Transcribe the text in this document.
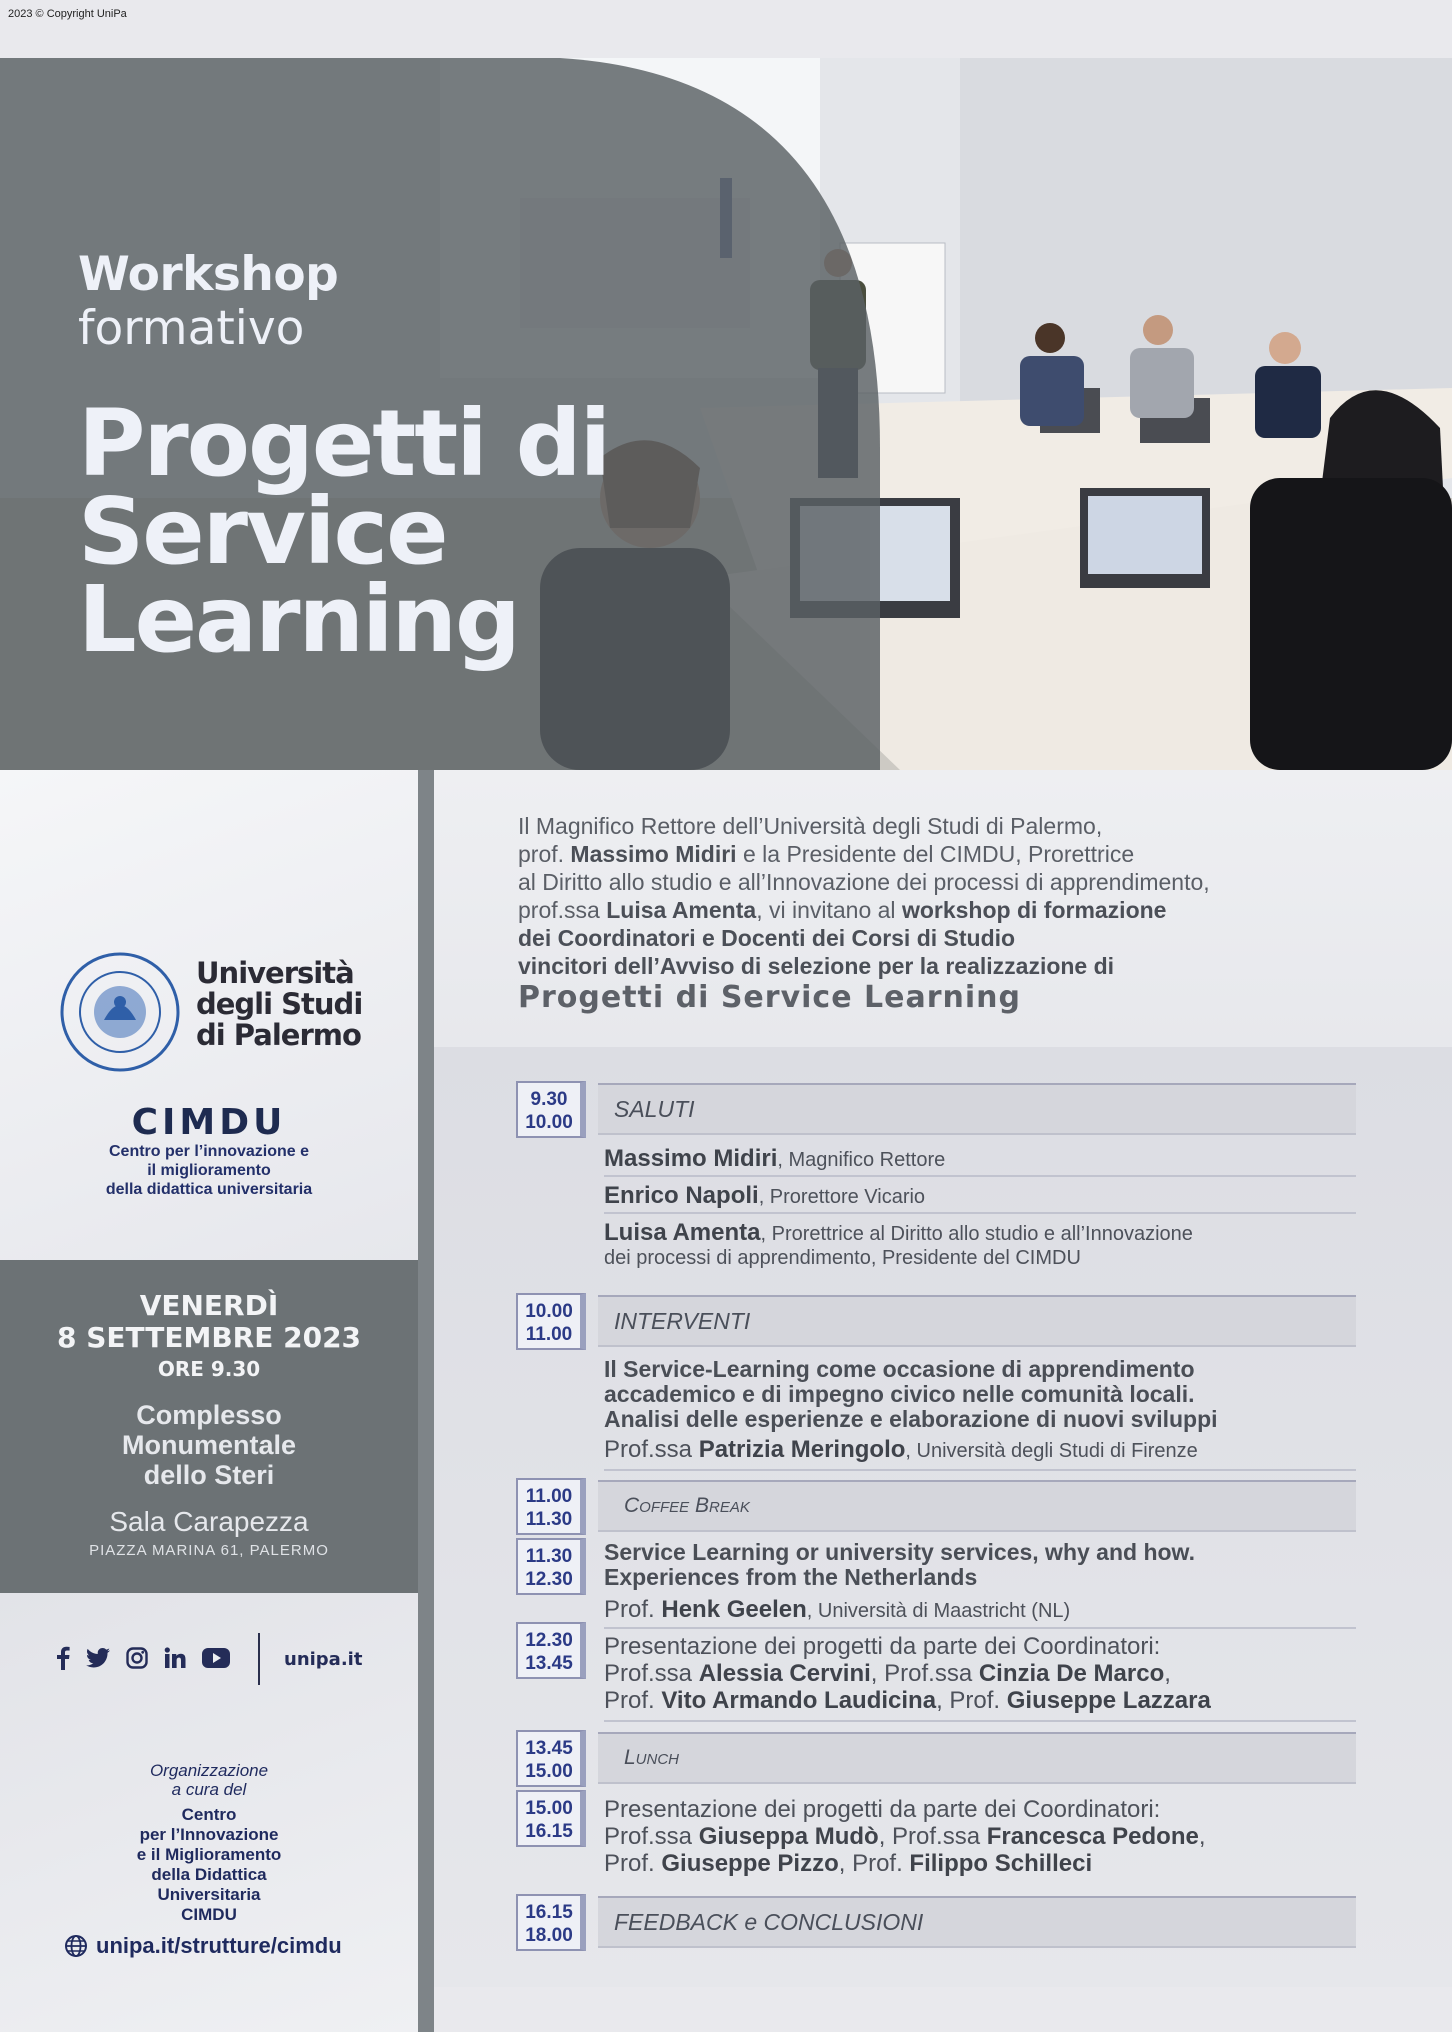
2023 © Copyright UniPa
Workshop
formativo
Progetti di
Service
Learning
Università
degli Studi
di Palermo
CIMDU
Centro per l’innovazione e
il miglioramento
della didattica universitaria
VENERDÌ
8 SETTEMBRE 2023
ORE 9.30
Complesso
Monumentale
dello Steri
Sala Carapezza
PIAZZA MARINA 61, PALERMO
unipa.it
Organizzazione
a cura del
Centro
per l’Innovazione
e il Miglioramento
della Didattica
Universitaria
CIMDU
unipa.it/strutture/cimdu
Il Magnifico Rettore dell’Università degli Studi di Palermo,
prof. Massimo Midiri e la Presidente del CIMDU, Prorettrice
al Diritto allo studio e all’Innovazione dei processi di apprendimento,
prof.ssa Luisa Amenta, vi invitano al workshop di formazione
dei Coordinatori e Docenti dei Corsi di Studio
vincitori dell’Avviso di selezione per la realizzazione di
Progetti di Service Learning
9.30
10.00
SALUTI
Massimo Midiri, Magnifico Rettore
Enrico Napoli, Prorettore Vicario
Luisa Amenta, Prorettrice al Diritto allo studio e all’Innovazione
dei processi di apprendimento, Presidente del CIMDU
10.00
11.00
INTERVENTI
Il Service-Learning come occasione di apprendimento
accademico e di impegno civico nelle comunità locali.
Analisi delle esperienze e elaborazione di nuovi sviluppi
Prof.ssa Patrizia Meringolo, Università degli Studi di Firenze
11.00
11.30
Coffee Break
11.30
12.30
Service Learning or university services, why and how.
Experiences from the Netherlands
Prof. Henk Geelen, Università di Maastricht (NL)
12.30
13.45
Presentazione dei progetti da parte dei Coordinatori:
Prof.ssa Alessia Cervini, Prof.ssa Cinzia De Marco,
Prof. Vito Armando Laudicina, Prof. Giuseppe Lazzara
13.45
15.00
Lunch
15.00
16.15
Presentazione dei progetti da parte dei Coordinatori:
Prof.ssa Giuseppa Mudò, Prof.ssa Francesca Pedone,
Prof. Giuseppe Pizzo, Prof. Filippo Schilleci
16.15
18.00
FEEDBACK e CONCLUSIONI
